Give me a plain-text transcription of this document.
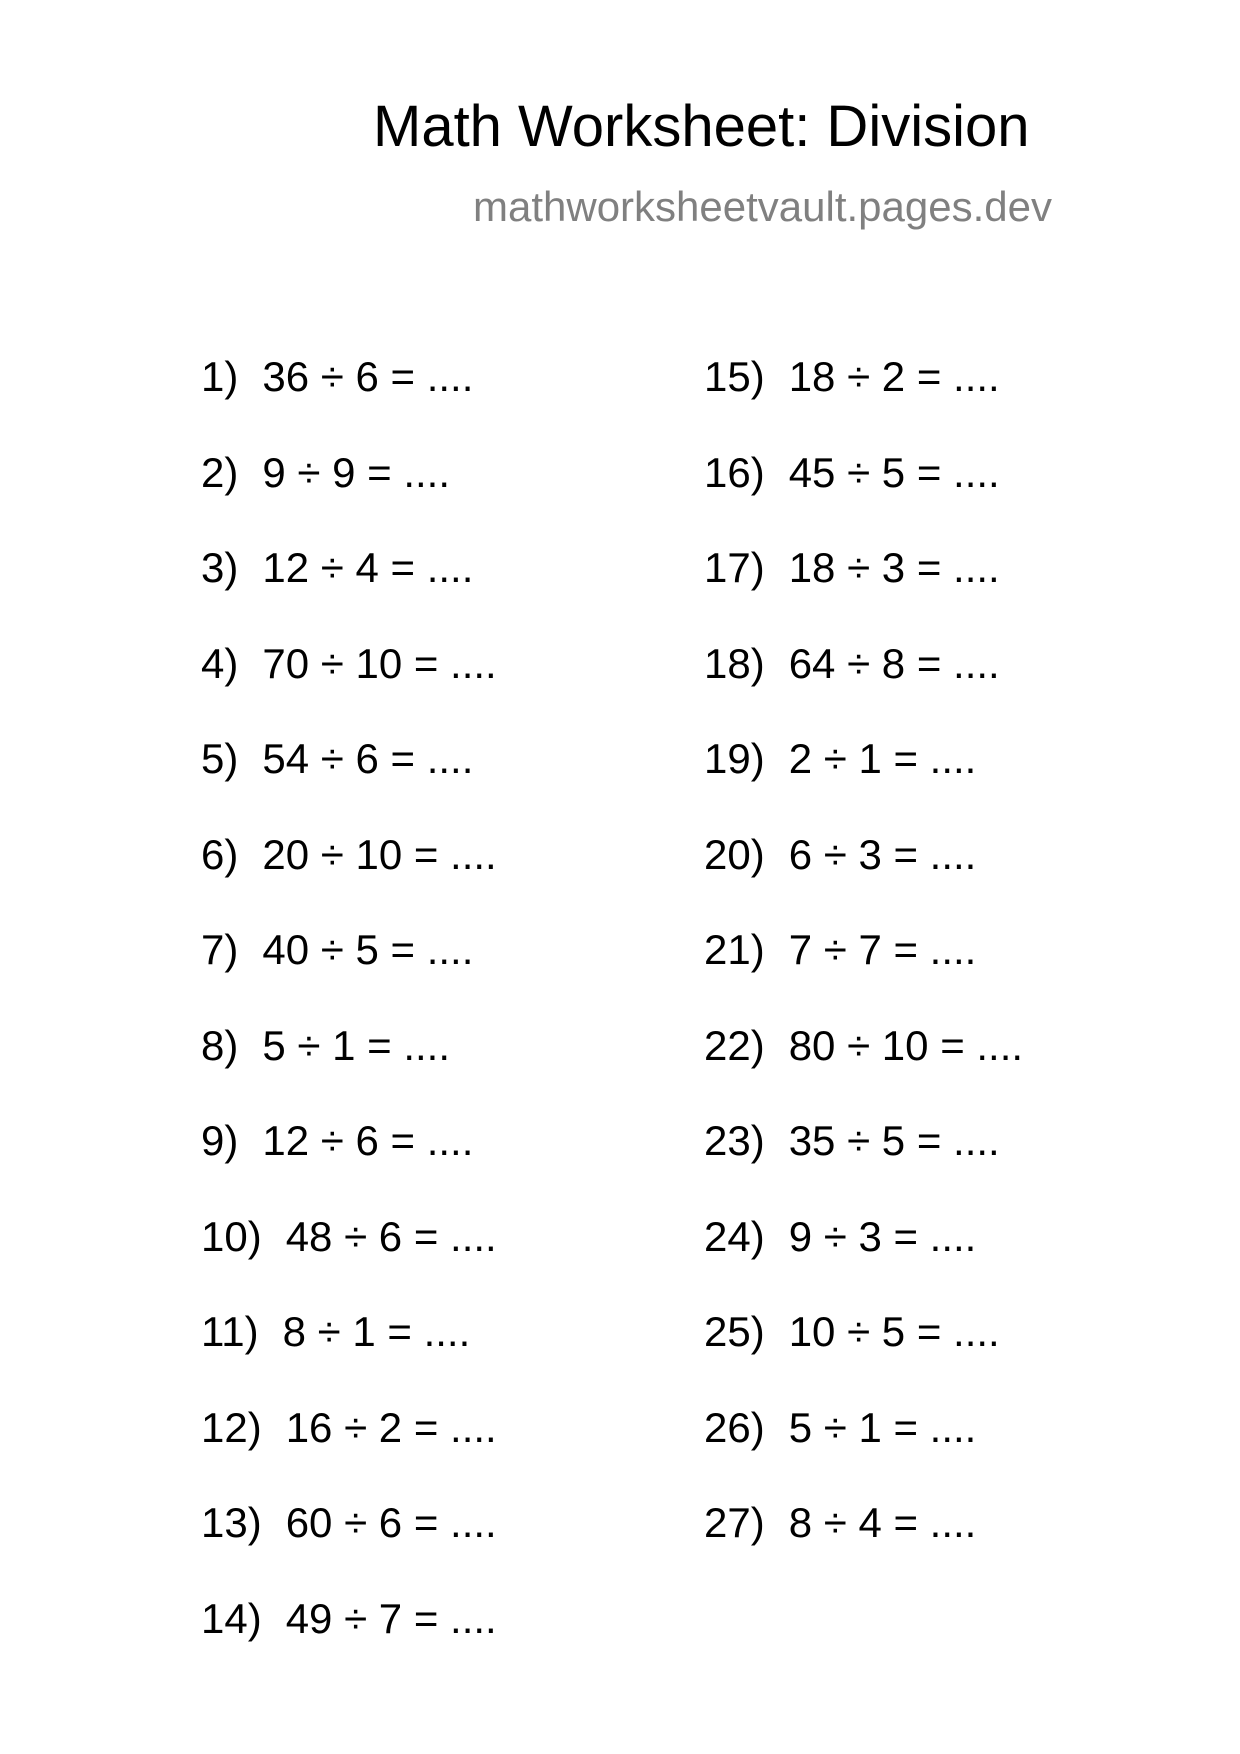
Math Worksheet: Division
mathworksheetvault.pages.dev
1) 36 ÷ 6 = ....
2) 9 ÷ 9 = ....
3) 12 ÷ 4 = ....
4) 70 ÷ 10 = ....
5) 54 ÷ 6 = ....
6) 20 ÷ 10 = ....
7) 40 ÷ 5 = ....
8) 5 ÷ 1 = ....
9) 12 ÷ 6 = ....
10) 48 ÷ 6 = ....
11) 8 ÷ 1 = ....
12) 16 ÷ 2 = ....
13) 60 ÷ 6 = ....
14) 49 ÷ 7 = ....
15) 18 ÷ 2 = ....
16) 45 ÷ 5 = ....
17) 18 ÷ 3 = ....
18) 64 ÷ 8 = ....
19) 2 ÷ 1 = ....
20) 6 ÷ 3 = ....
21) 7 ÷ 7 = ....
22) 80 ÷ 10 = ....
23) 35 ÷ 5 = ....
24) 9 ÷ 3 = ....
25) 10 ÷ 5 = ....
26) 5 ÷ 1 = ....
27) 8 ÷ 4 = ....
